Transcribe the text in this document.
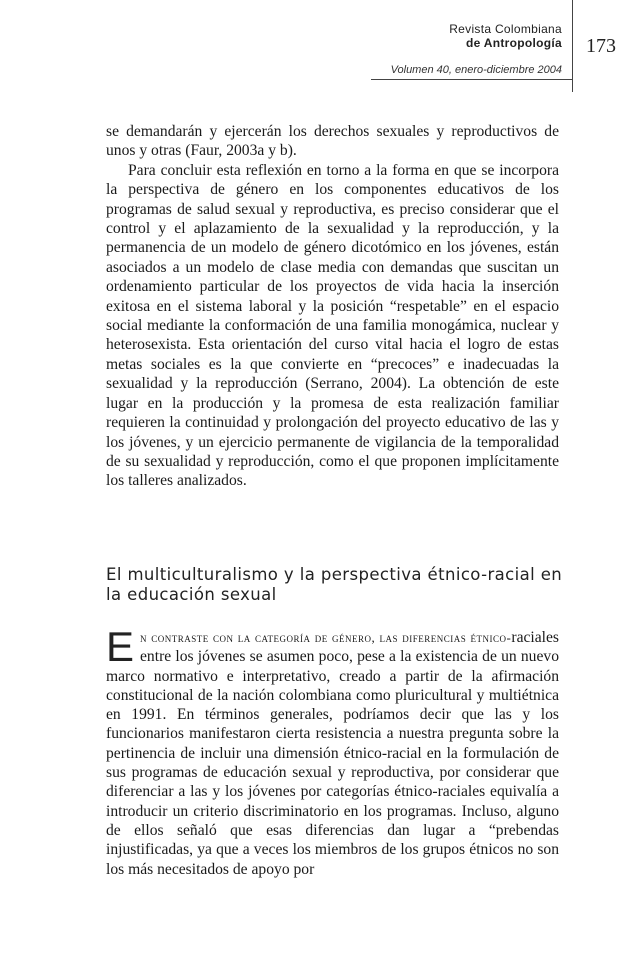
Revista Colombiana
de Antropología
Volumen 40, enero-diciembre 2004
173

se demandarán y ejercerán los derechos sexuales y reproductivos de unos y otras (Faur, 2003a y b).

Para concluir esta reflexión en torno a la forma en que se incorpora la perspectiva de género en los componentes educativos de los programas de salud sexual y reproductiva, es preciso considerar que el control y el aplazamiento de la sexualidad y la reproducción, y la permanencia de un modelo de género dicotómico en los jóvenes, están asociados a un modelo de clase media con demandas que suscitan un ordenamiento particular de los proyectos de vida hacia la inserción exitosa en el sistema laboral y la posición “respetable” en el espacio social mediante la conformación de una familia monogámica, nuclear y heterosexista. Esta orientación del curso vital hacia el logro de estas metas sociales es la que convierte en “precoces” e inadecuadas la sexualidad y la reproducción (Serrano, 2004). La obtención de este lugar en la producción y la promesa de esta realización familiar requieren la continuidad y prolongación del proyecto educativo de las y los jóvenes, y un ejercicio permanente de vigilancia de la temporalidad de su sexualidad y reproducción, como el que proponen implícitamente los talleres analizados.

El multiculturalismo y la perspectiva étnico-racial en la educación sexual
En contraste con la categoría de género, las diferencias étnico-raciales entre los jóvenes se asumen poco, pese a la existencia de un nuevo marco normativo e interpretativo, creado a partir de la afirmación constitucional de la nación colombiana como pluricultural y multiétnica en 1991. En términos generales, podríamos decir que las y los funcionarios manifestaron cierta resistencia a nuestra pregunta sobre la pertinencia de incluir una dimensión étnico-racial en la formulación de sus programas de educación sexual y reproductiva, por considerar que diferenciar a las y los jóvenes por categorías étnico-raciales equivalía a introducir un criterio discriminatorio en los programas. Incluso, alguno de ellos señaló que esas diferencias dan lugar a “prebendas injustificadas, ya que a veces los miembros de los grupos étnicos no son los más necesitados de apoyo por
